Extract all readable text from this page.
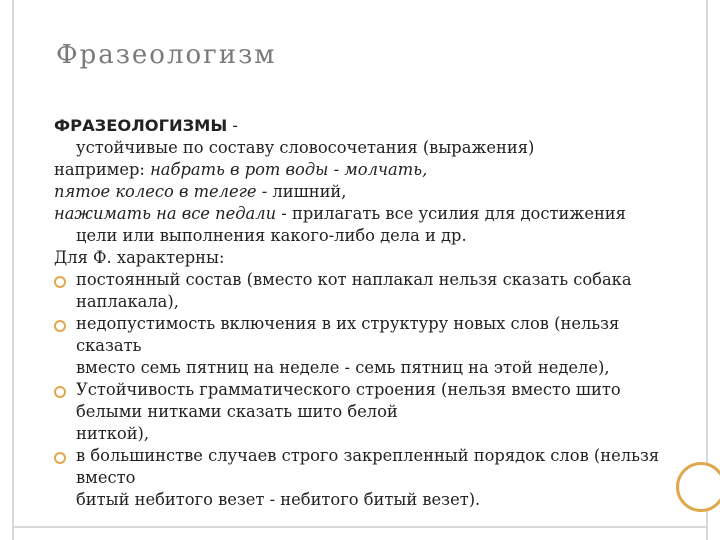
Фразеологизм

ФРАЗЕОЛОГИЗМЫ -

устойчивые по составу словосочетания (выражения)

например: набрать в рот воды - молчать,

пятое колесо в телеге - лишний,

нажимать на все педали - прилагать все усилия для достижения

цели или выполнения какого-либо дела и др.

Для Ф. характерны:

постоянный состав (вместо кот наплакал нельзя сказать собака

наплакала),

недопустимость включения в их структуру новых слов (нельзя

сказать

вместо семь пятниц на неделе - семь пятниц на этой неделе),

Устойчивость грамматического строения (нельзя вместо шито

белыми нитками сказать шито белой

ниткой),

в большинстве случаев строго закрепленный порядок слов (нельзя

вместо

битый небитого везет - небитого битый везет).
